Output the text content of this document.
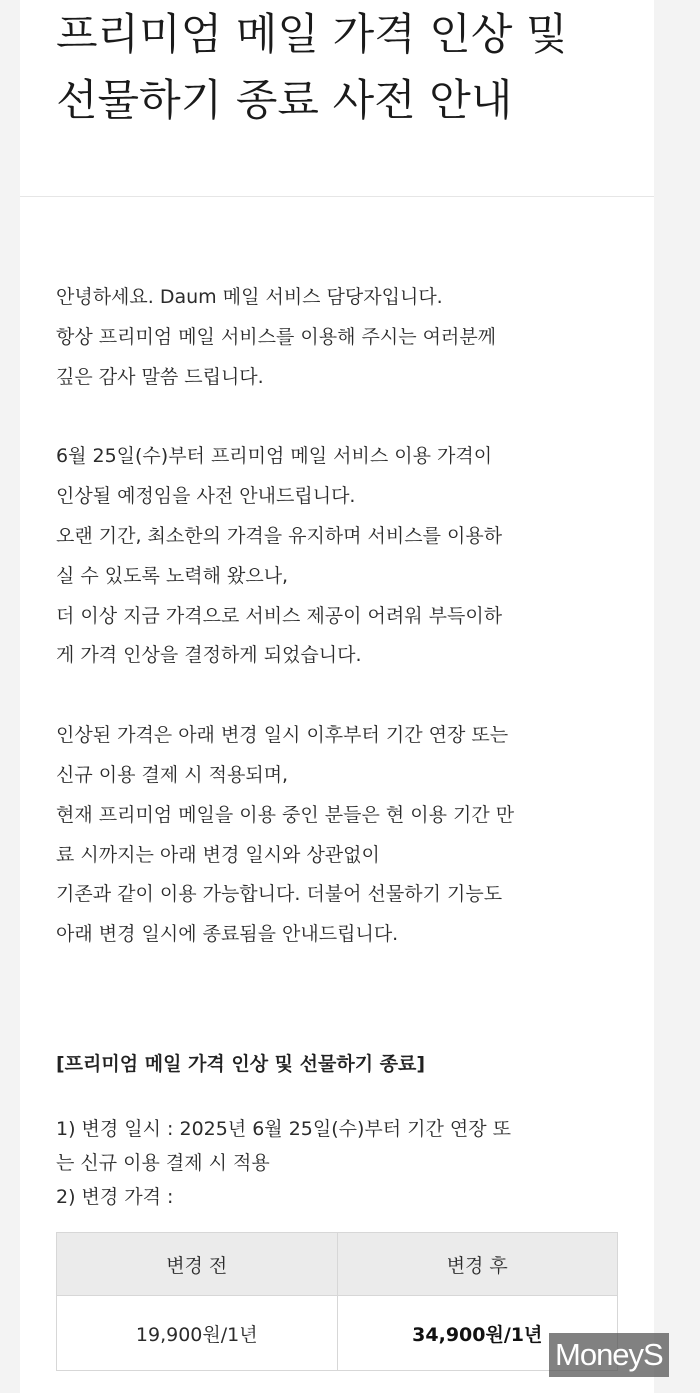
프리미엄 메일 가격 인상 및
선물하기 종료 사전 안내

안녕하세요. Daum 메일 서비스 담당자입니다.
항상 프리미엄 메일 서비스를 이용해 주시는 여러분께
깊은 감사 말씀 드립니다.

6월 25일(수)부터 프리미엄 메일 서비스 이용 가격이
인상될 예정임을 사전 안내드립니다.
오랜 기간, 최소한의 가격을 유지하며 서비스를 이용하
실 수 있도록 노력해 왔으나,
더 이상 지금 가격으로 서비스 제공이 어려워 부득이하
게 가격 인상을 결정하게 되었습니다.

인상된 가격은 아래 변경 일시 이후부터 기간 연장 또는
신규 이용 결제 시 적용되며,
현재 프리미엄 메일을 이용 중인 분들은 현 이용 기간 만
료 시까지는 아래 변경 일시와 상관없이
기존과 같이 이용 가능합니다. 더불어 선물하기 기능도
아래 변경 일시에 종료됨을 안내드립니다.

[프리미엄 메일 가격 인상 및 선물하기 종료]

1) 변경 일시 : 2025년 6월 25일(수)부터 기간 연장 또
는 신규 이용 결제 시 적용

2) 변경 가격 :

변경 전	변경 후
19,900원/1년	34,900원/1년
MoneyS
